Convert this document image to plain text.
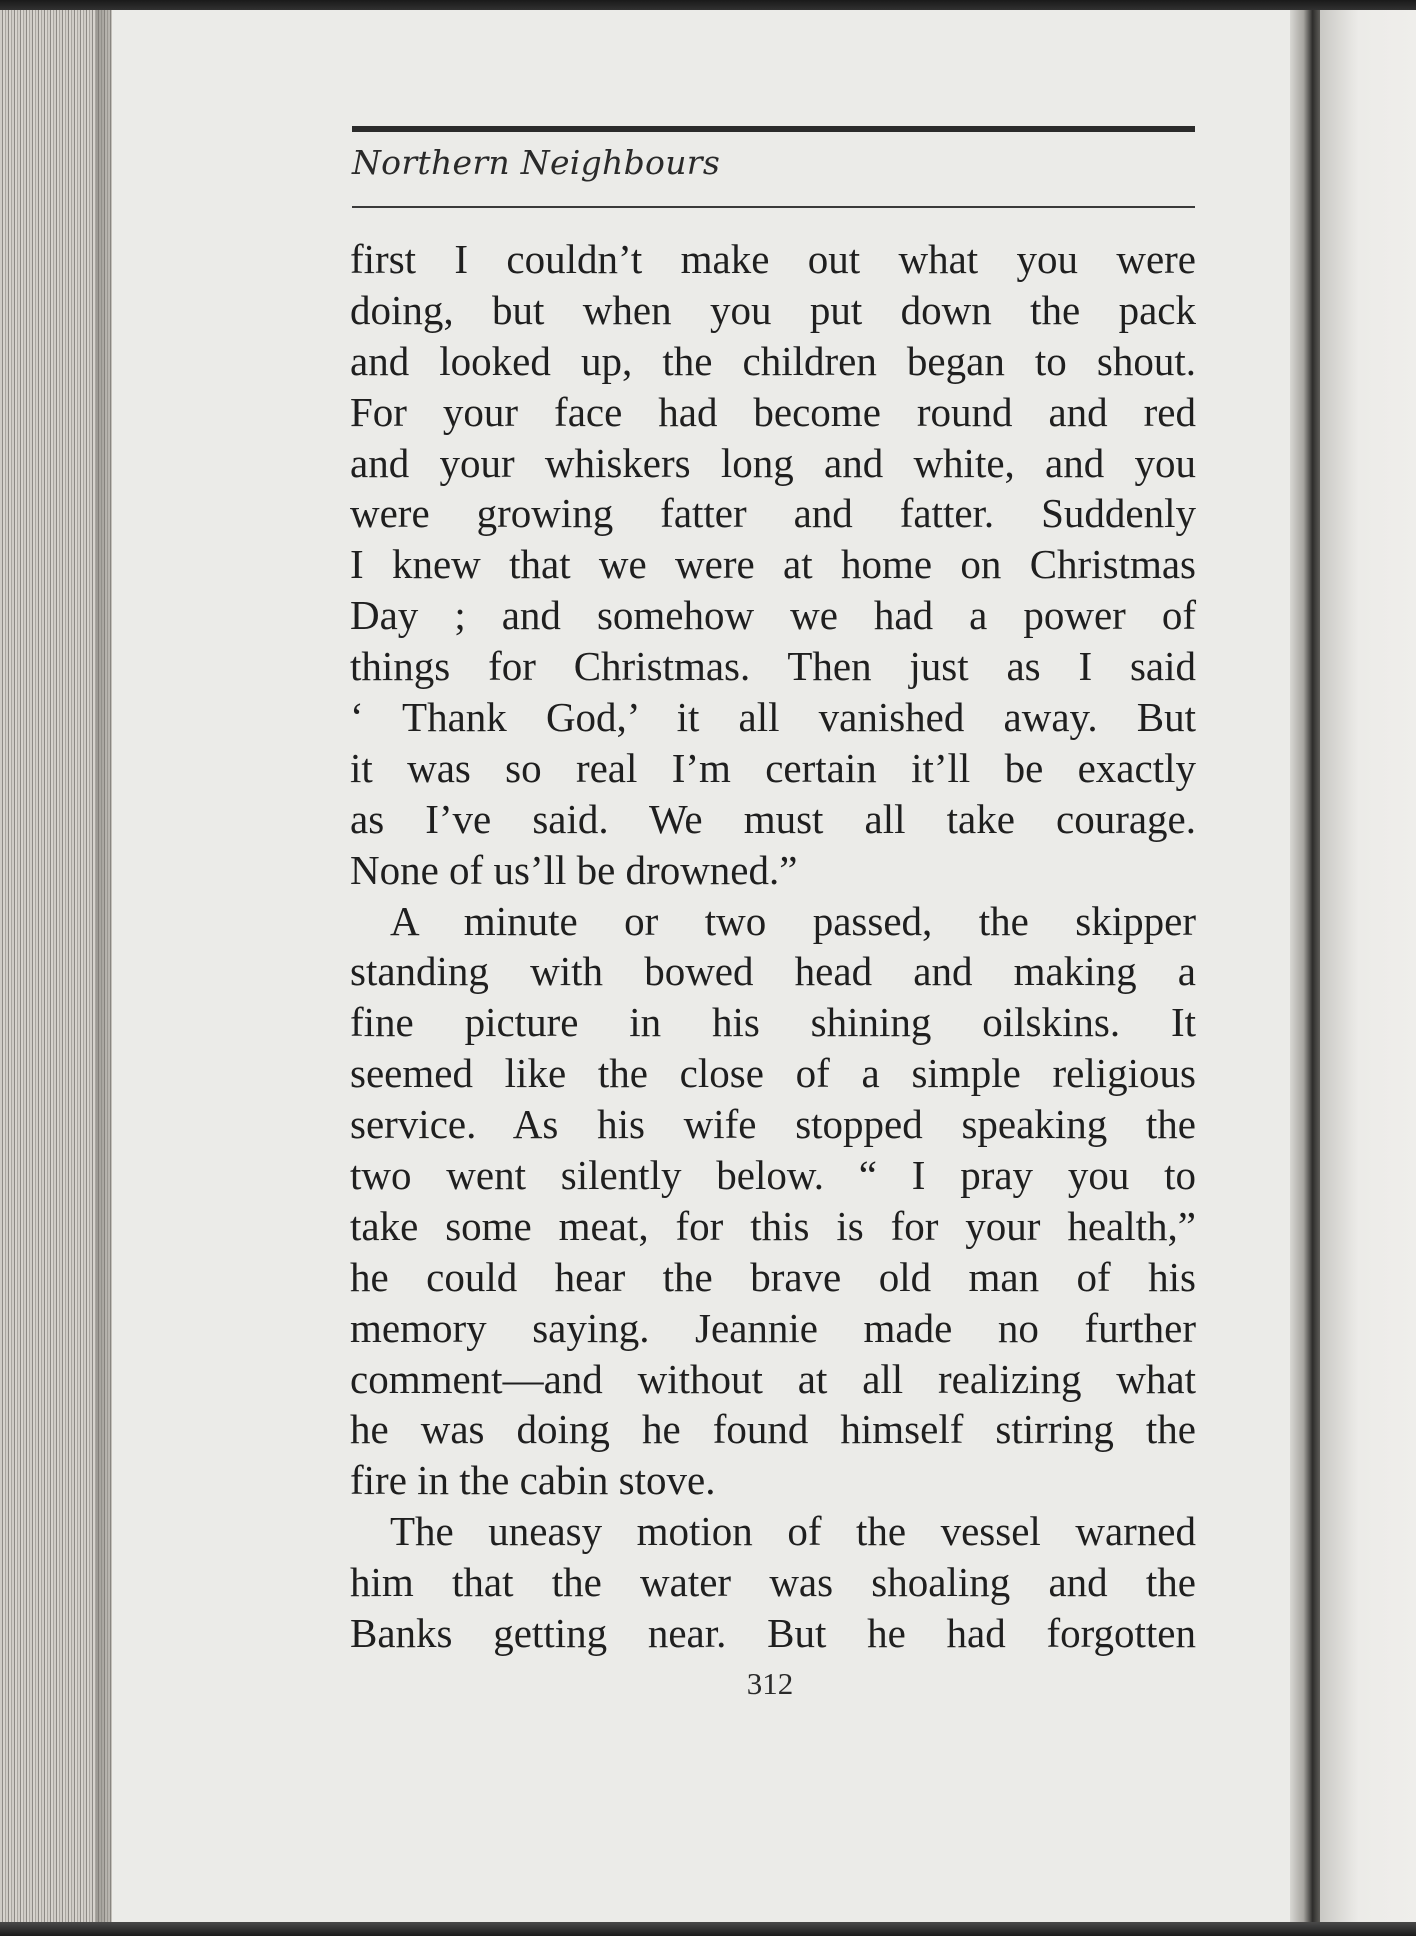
Northern Neighbours
first I couldn’t make out what you were
doing, but when you put down the pack
and looked up, the children began to shout.
For your face had become round and red
and your whiskers long and white, and you
were growing fatter and fatter. Suddenly
I knew that we were at home on Christmas
Day ; and somehow we had a power of
things for Christmas. Then just as I said
‘ Thank God,’ it all vanished away. But
it was so real I’m certain it’ll be exactly
as I’ve said. We must all take courage.
None of us’ll be drowned.”
A minute or two passed, the skipper
standing with bowed head and making a
fine picture in his shining oilskins. It
seemed like the close of a simple religious
service. As his wife stopped speaking the
two went silently below. “ I pray you to
take some meat, for this is for your health,”
he could hear the brave old man of his
memory saying. Jeannie made no further
comment—and without at all realizing what
he was doing he found himself stirring the
fire in the cabin stove.
The uneasy motion of the vessel warned
him that the water was shoaling and the
Banks getting near. But he had forgotten
312
